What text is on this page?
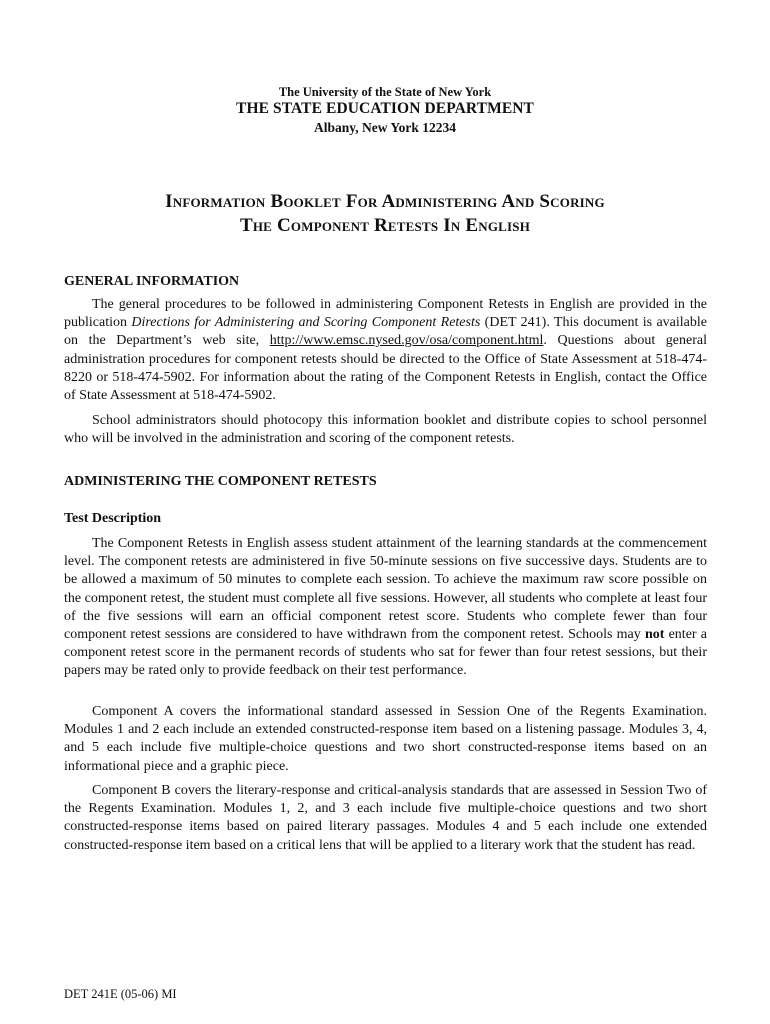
The University of the State of New York
THE STATE EDUCATION DEPARTMENT
Albany, New York 12234
Information Booklet For Administering And Scoring
The Component Retests In English
GENERAL INFORMATION

The general procedures to be followed in administering Component Retests in English are provided in the publication Directions for Administering and Scoring Component Retests (DET 241). This document is available on the Department’s web site, http://www.emsc.nysed.gov/osa/component.html. Questions about general administration procedures for component retests should be directed to the Office of State Assessment at 518-474-8220 or 518-474-5902. For information about the rating of the Component Retests in English, contact the Office of State Assessment at 518-474-5902.

School administrators should photocopy this information booklet and distribute copies to school personnel who will be involved in the administration and scoring of the component retests.

ADMINISTERING THE COMPONENT RETESTS
Test Description

The Component Retests in English assess student attainment of the learning standards at the commencement level. The component retests are administered in five 50-minute sessions on five successive days. Students are to be allowed a maximum of 50 minutes to complete each session. To achieve the maximum raw score possible on the component retest, the student must complete all five sessions. However, all students who complete at least four of the five sessions will earn an official component retest score. Students who complete fewer than four component retest sessions are considered to have withdrawn from the component retest. Schools may not enter a component retest score in the permanent records of students who sat for fewer than four retest sessions, but their papers may be rated only to provide feedback on their test performance.

Component A covers the informational standard assessed in Session One of the Regents Examination. Modules 1 and 2 each include an extended constructed-response item based on a listening passage. Modules 3, 4, and 5 each include five multiple-choice questions and two short constructed-response items based on an informational piece and a graphic piece.

Component B covers the literary-response and critical-analysis standards that are assessed in Session Two of the Regents Examination. Modules 1, 2, and 3 each include five multiple-choice questions and two short constructed-response items based on paired literary passages. Modules 4 and 5 each include one extended constructed-response item based on a critical lens that will be applied to a literary work that the student has read.

DET 241E (05-06) MI
